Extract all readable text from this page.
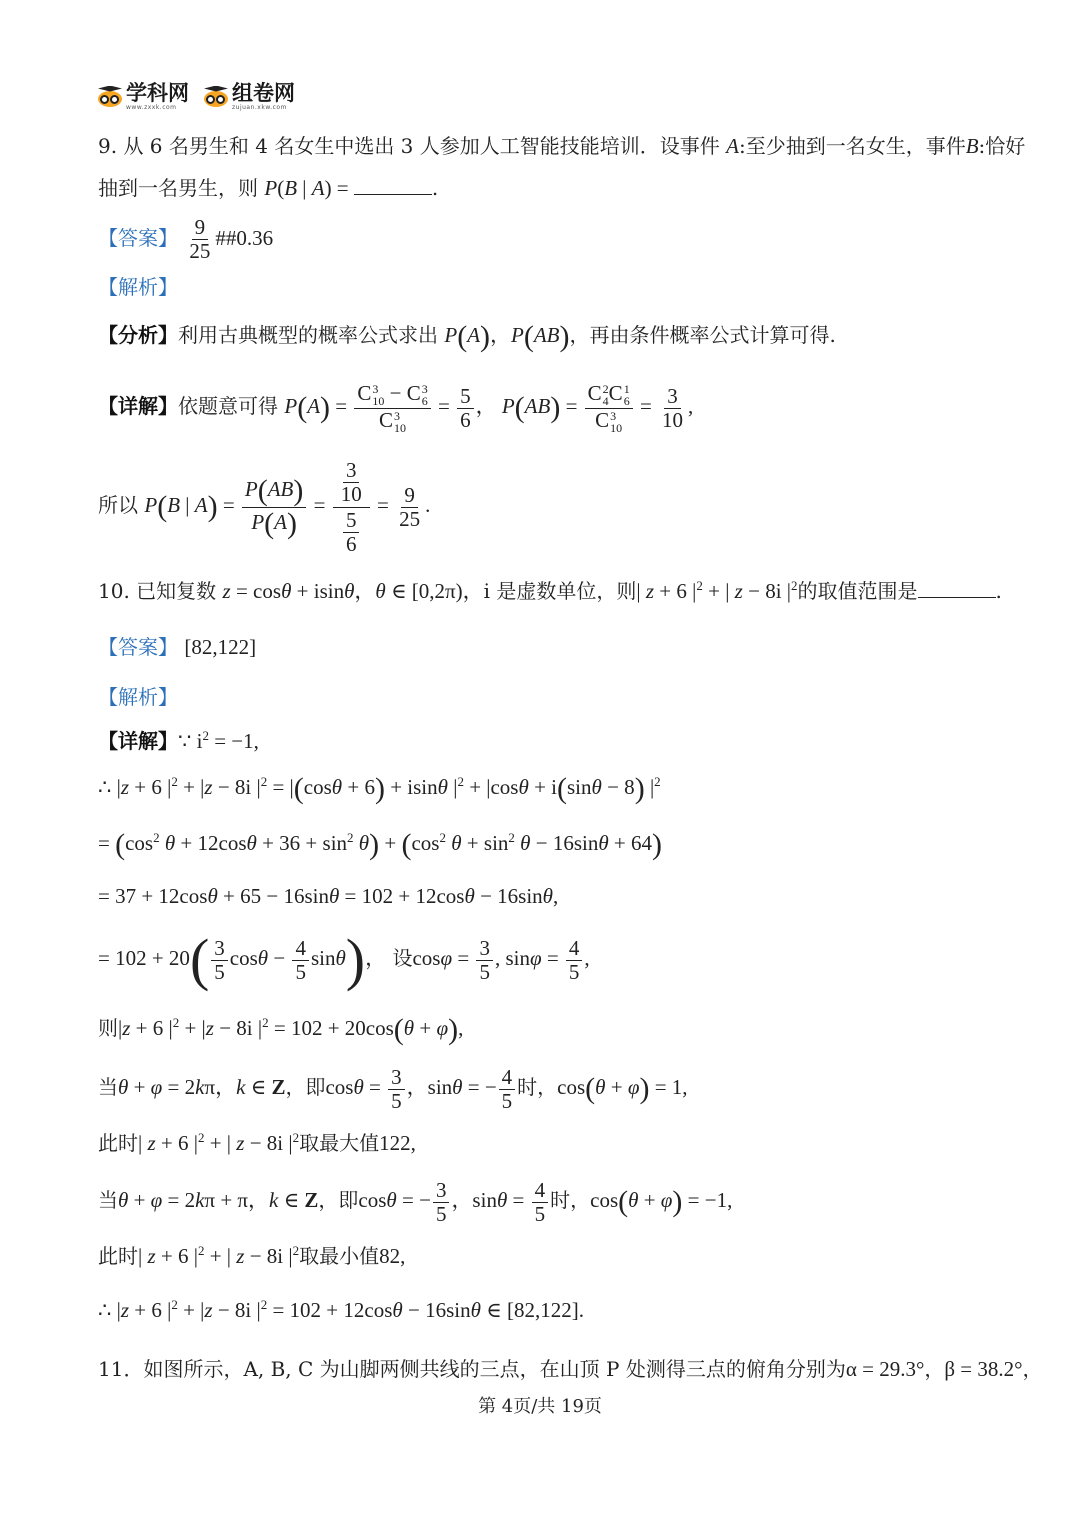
学科网
www.zxxk.com
组卷网
zujuan.xkw.com
9. 从 6 名男生和 4 名女生中选出 3 人参加人工智能技能培训．设事件 A:至少抽到一名女生，事件B:恰好
抽到一名男生，则 P(B | A) =	.
【答案】 $\frac{9}{25}$ ##0.36
【解析】
【分析】利用古典概型的概率公式求出 P(A)，P(AB)，再由条件概率公式计算可得.
【详解】依题意可得 P(A) = C 3
10 − C 3
6
C 3
$10 = \frac{5}{6}$ ， P(AB) = C 2
4 C 1
6
C 3
$10 = \frac{3}{10}$ ,
所以 P(B | $A) = \frac{P(AB)}{P(A)} = \frac{\frac{3}{10}}{\frac{5}{6}} = \frac{9}{25}$ .
10. 已知复数 z = cosθ + isinθ，θ ∈ [0,2π)，i 是虚数单位，则| z + 6 $|^2$ + | z − 8i $|^2$的取值范围是	.
【答案】 [82,122]
【解析】
【详解】∵ $i^2 = -1$,
∴ |z + 6 $|^2 + |z - 8i$ $|^2 = |(\cos\theta + 6) + isin\theta$ $|^2 + |\cos\theta + i(\sin\theta - 8)$ $|^2$
= ($\cos^2$ $\theta + 12\cos\theta + 36 + \sin^2 \theta) + (\cos^2$ $\theta + \sin^2 \theta - 16\sin\theta + 64$)
= 37 + 12cosθ + 65 − 16sinθ = 102 + 12cosθ − 16sinθ,
= $102 + 20( \frac{3}{5}$ $\cos\theta - \frac{4}{5} \sin\theta$)， 设$\cos\varphi = \frac{3}{5}$ , $\sin\varphi = \frac{4}{5}$ ,
则|z + 6 $|^2 + |z - 8i$ $|^2 = 102 + 20\cos(\theta + \varphi)$,
当θ + φ = 2kπ，k ∈ Z，即$\cos\theta = \frac{3}{5}$ ，sinθ = − $\frac{4}{5}$ 时，cos(θ + φ) = 1,
此时| z + 6 $|^2$ + | z − 8i $|^2$取最大值122,
当θ + φ = 2kπ + π，k ∈ Z，即cosθ = − $\frac{3}{5}$ ，$\sin\theta = \frac{4}{5}$ 时，cos(θ + φ) = −1,
此时| z + 6 $|^2$ + | z − 8i $|^2$取最小值82,
∴ |z + 6 $|^2 + |z - 8i$ $|^2 = 102 + 12\cos\theta - 16\sin\theta$ ∈ [82,122].
11．如图所示，A, B, C 为山脚两侧共线的三点，在山顶 P 处测得三点的俯角分别为α = 29.3°，β = 38.2°，
第 4页/共 19页
